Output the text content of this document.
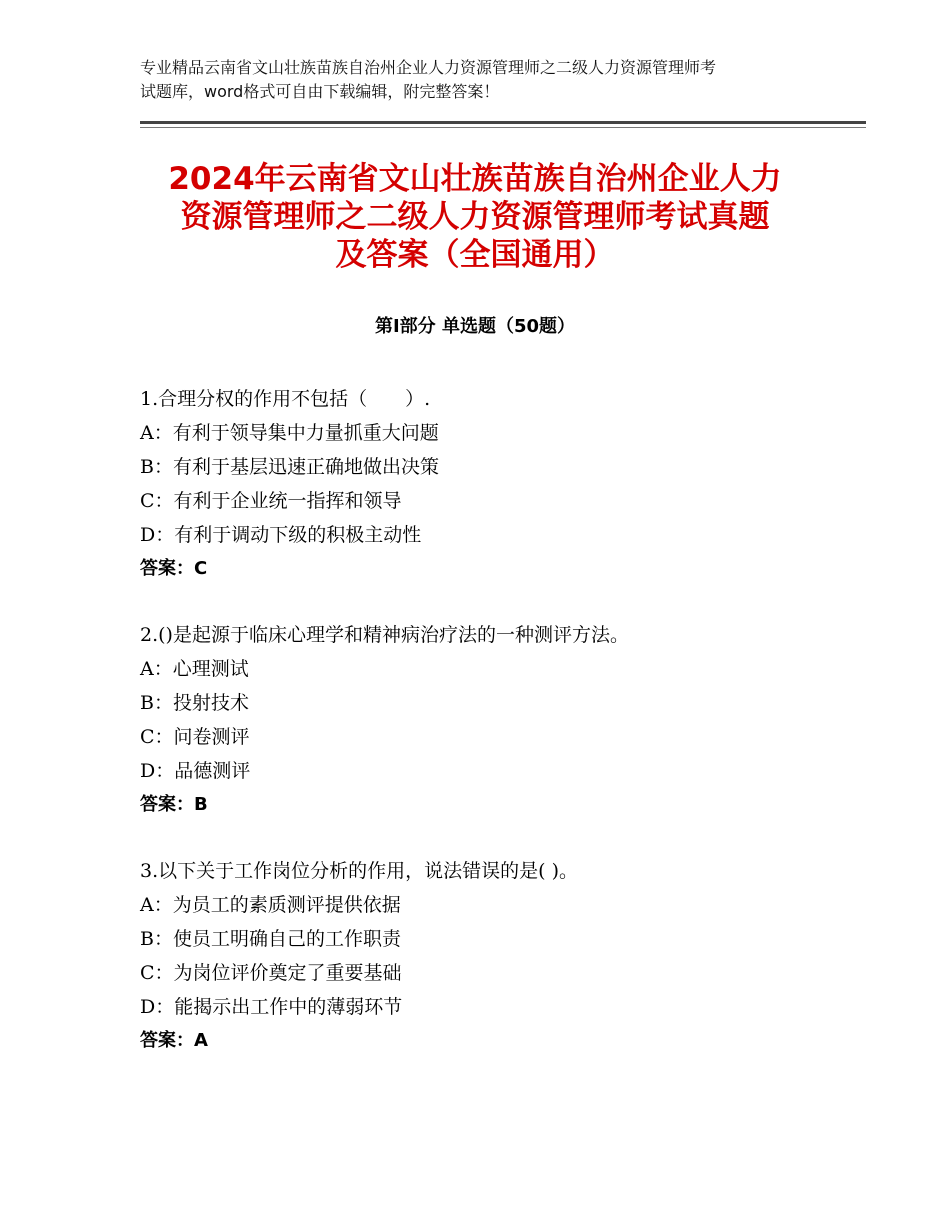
专业精品云南省文山壮族苗族自治州企业人力资源管理师之二级人力资源管理师考
试题库，word格式可自由下载编辑，附完整答案！
2024年云南省文山壮族苗族自治州企业人力
资源管理师之二级人力资源管理师考试真题
及答案（全国通用）
第Ⅰ部分 单选题（50题）
1.合理分权的作用不包括（　　）.
A：有利于领导集中力量抓重大问题
B：有利于基层迅速正确地做出决策
C：有利于企业统一指挥和领导
D：有利于调动下级的积极主动性
答案：C
2.()是起源于临床心理学和精神病治疗法的一种测评方法。
A：心理测试
B：投射技术
C：问卷测评
D：品德测评
答案：B
3.以下关于工作岗位分析的作用，说法错误的是( )。
A：为员工的素质测评提供依据
B：使员工明确自己的工作职责
C：为岗位评价奠定了重要基础
D：能揭示出工作中的薄弱环节
答案：A
